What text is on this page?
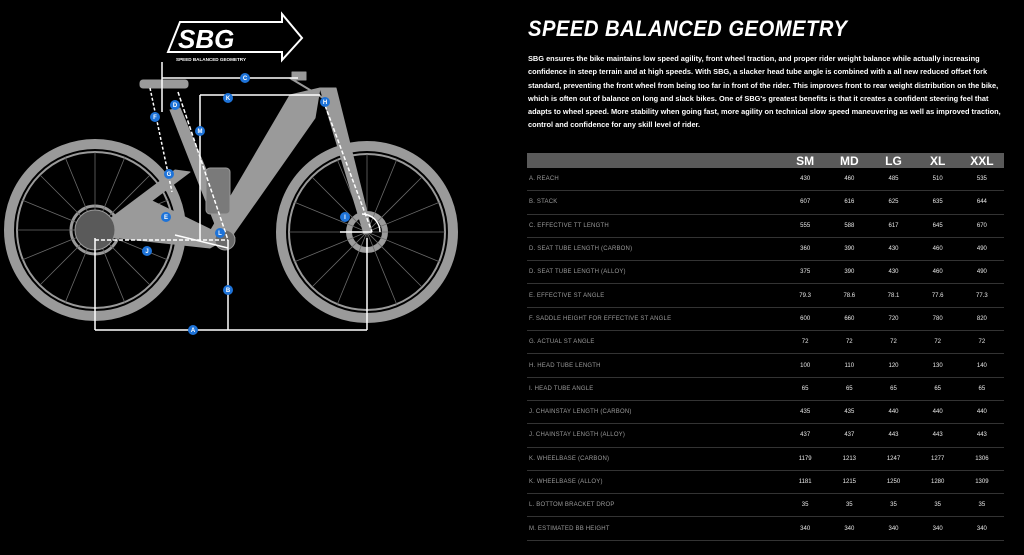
SBG
SPEED BALANCED GEOMETRY
A
B
C
D
E
F
G
H
I
J
K
L
M
SPEED BALANCED GEOMETRY

SBG ensures the bike maintains low speed agility, front wheel traction, and proper rider weight balance while actually increasing confidence in steep terrain and at high speeds. With SBG, a slacker head tube angle is combined with a all new reduced offset fork standard, preventing the front wheel from being too far in front of the rider. This improves front to rear weight distribution on the bike, which is often out of balance on long and slack bikes. One of SBG's greatest benefits is that it creates a confident steering feel that adapts to wheel speed. More stability when going fast, more agility on technical slow speed maneuvering as well as improved traction, control and confidence for any skill level of rider.

	SM	MD	LG	XL	XXL
A. REACH	430	460	485	510	535
B. STACK	607	616	625	635	644
C. EFFECTIVE TT LENGTH	555	588	617	645	670
D. SEAT TUBE LENGTH (CARBON)	360	390	430	460	490
D. SEAT TUBE LENGTH (ALLOY)	375	390	430	460	490
E. EFFECTIVE ST ANGLE	79.3	78.6	78.1	77.6	77.3
F. SADDLE HEIGHT FOR EFFECTIVE ST ANGLE	600	660	720	780	820
G. ACTUAL ST ANGLE	72	72	72	72	72
H. HEAD TUBE LENGTH	100	110	120	130	140
I. HEAD TUBE ANGLE	65	65	65	65	65
J. CHAINSTAY LENGTH (CARBON)	435	435	440	440	440
J. CHAINSTAY LENGTH (ALLOY)	437	437	443	443	443
K. WHEELBASE (CARBON)	1179	1213	1247	1277	1306
K. WHEELBASE (ALLOY)	1181	1215	1250	1280	1309
L. BOTTOM BRACKET DROP	35	35	35	35	35
M. ESTIMATED BB HEIGHT	340	340	340	340	340
